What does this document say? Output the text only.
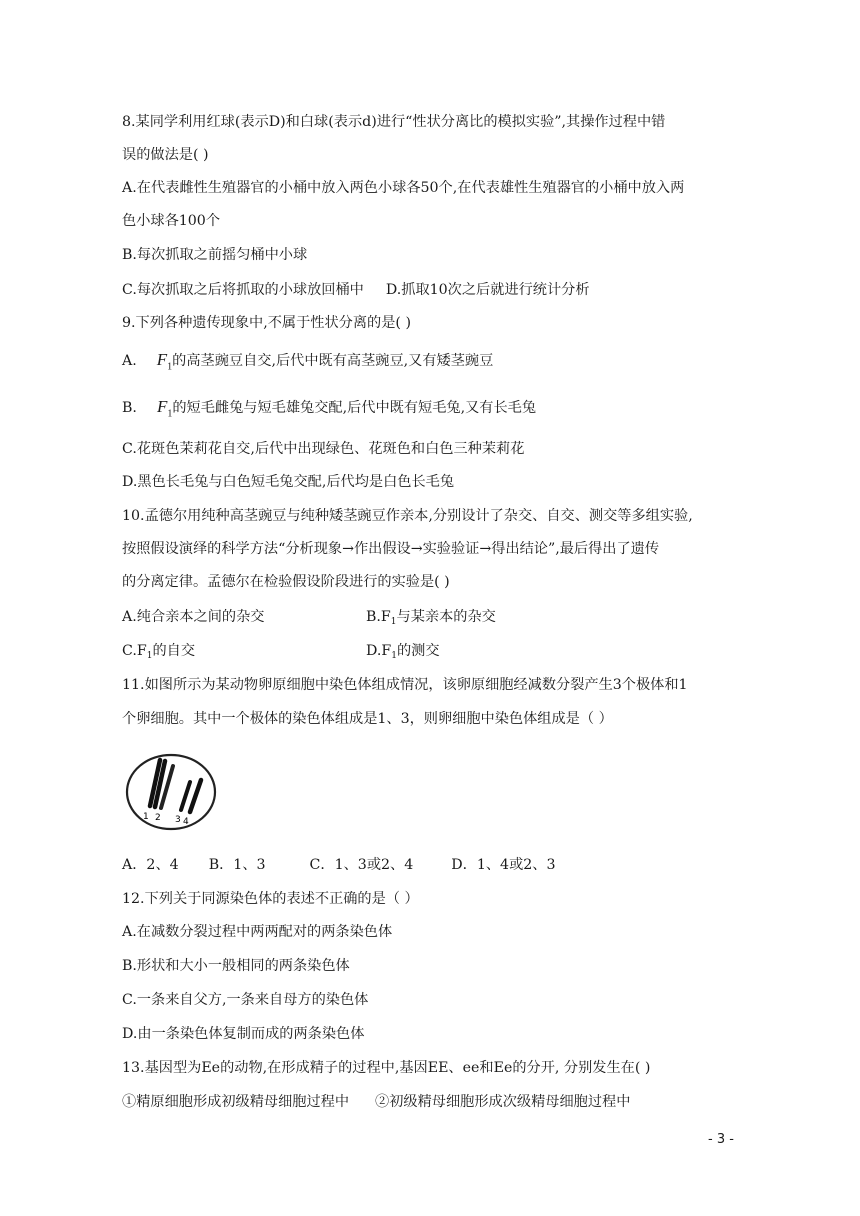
8.某同学利用红球(表示D)和白球(表示d)进行“性状分离比的模拟实验”,其操作过程中错
误的做法是( )
A.在代表雌性生殖器官的小桶中放入两色小球各50个,在代表雄性生殖器官的小桶中放入两
色小球各100个
B.每次抓取之前摇匀桶中小球
C.每次抓取之后将抓取的小球放回桶中 D.抓取10次之后就进行统计分析
9.下列各种遗传现象中,不属于性状分离的是( )
A. $F_1$的高茎豌豆自交,后代中既有高茎豌豆,又有矮茎豌豆
B. $F_1$的短毛雌兔与短毛雄兔交配,后代中既有短毛兔,又有长毛兔
C.花斑色茉莉花自交,后代中出现绿色、花斑色和白色三种茉莉花
D.黑色长毛兔与白色短毛兔交配,后代均是白色长毛兔
10.孟德尔用纯种高茎豌豆与纯种矮茎豌豆作亲本,分别设计了杂交、自交、测交等多组实验,
按照假设演绎的科学方法“分析现象→作出假设→实验验证→得出结论”,最后得出了遗传
的分离定律。孟德尔在检验假设阶段进行的实验是( )
A.纯合亲本之间的杂交	$B.F_1$与某亲本的杂交
$C.F_1$的自交	$D.F_1$的测交
11.如图所示为某动物卵原细胞中染色体组成情况，该卵原细胞经减数分裂产生3个极体和1
个卵细胞。其中一个极体的染色体组成是1、3，则卵细胞中染色体组成是（ ）
1 2 3 4
A．2、4 B．1、3	C．1、3或2、4	D．1、4或2、3
12.下列关于同源染色体的表述不正确的是（ ）
A.在减数分裂过程中两两配对的两条染色体
B.形状和大小一般相同的两条染色体
C.一条来自父方,一条来自母方的染色体
D.由一条染色体复制而成的两条染色体
13.基因型为Ee的动物,在形成精子的过程中,基因EE、ee和Ee的分开, 分别发生在( )
①精原细胞形成初级精母细胞过程中 ②初级精母细胞形成次级精母细胞过程中
- 3 -
